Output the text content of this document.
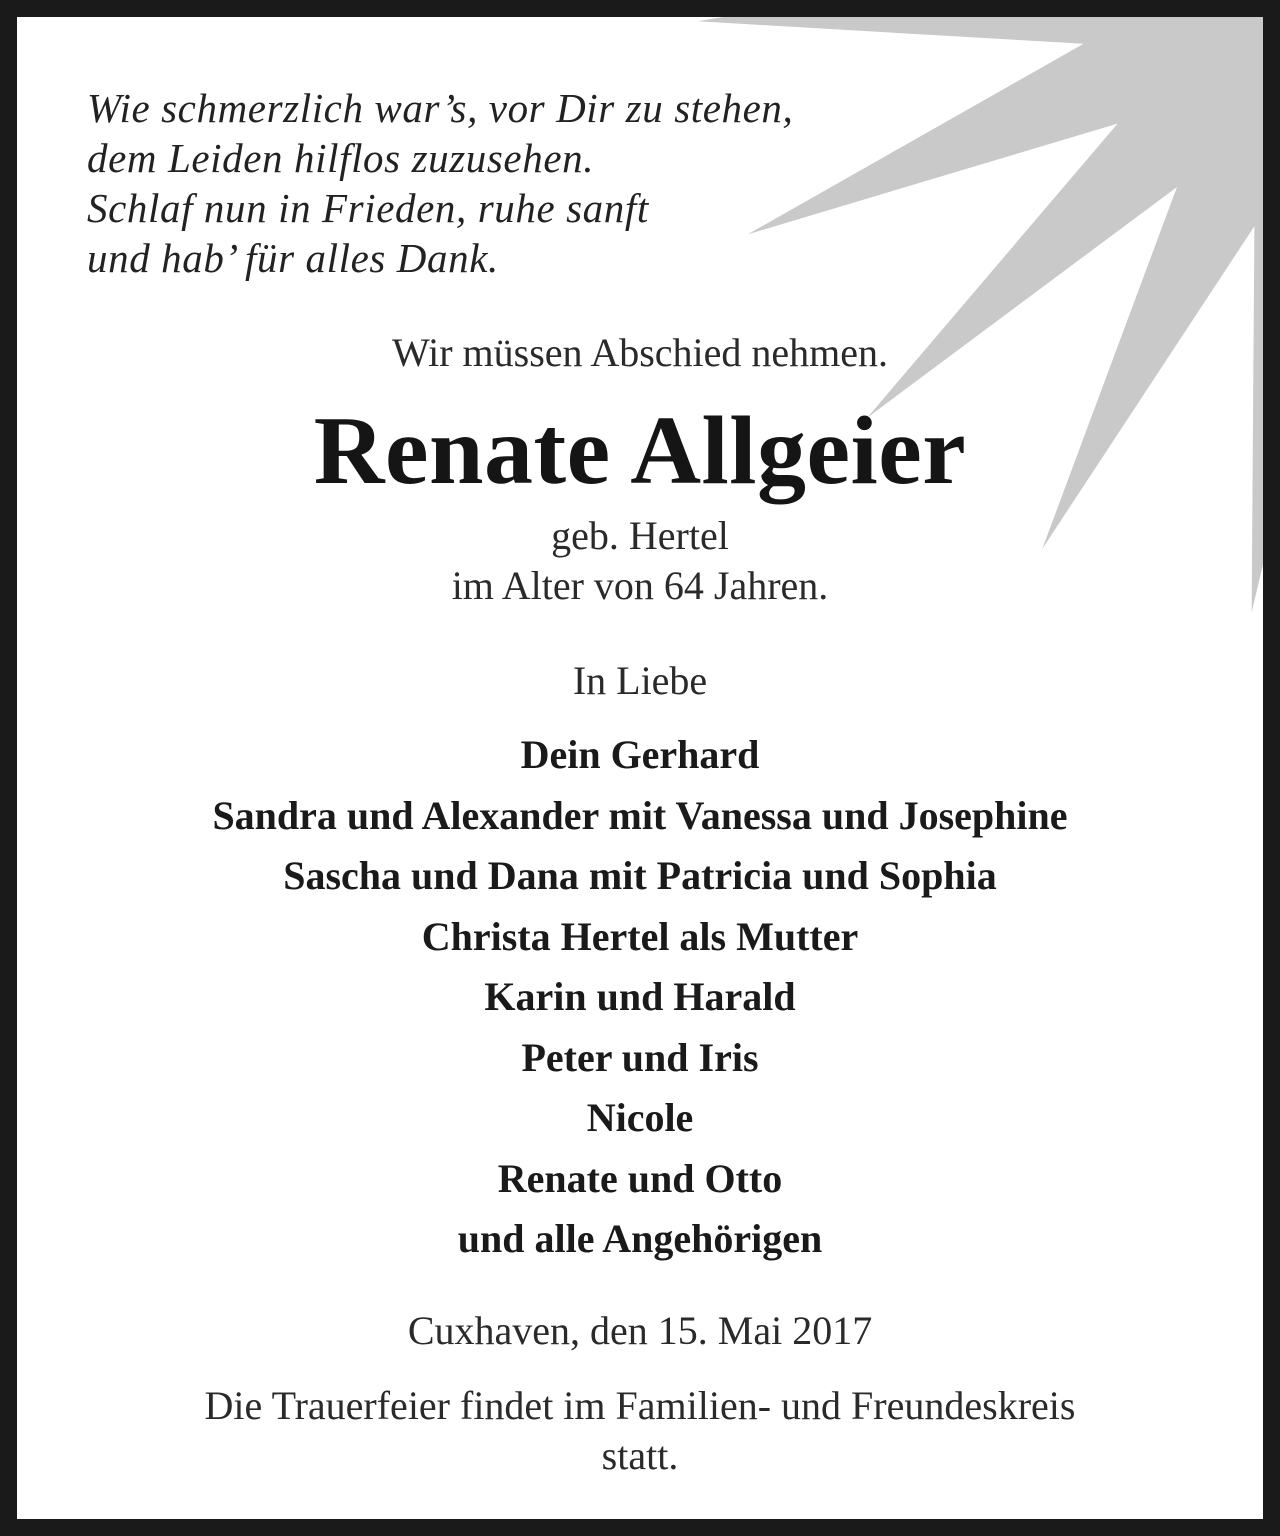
Wie schmerzlich war’s, vor Dir zu stehen,
dem Leiden hilflos zuzusehen.
Schlaf nun in Frieden, ruhe sanft
und hab’ für alles Dank.
Wir müssen Abschied nehmen.
Renate Allgeier
geb. Hertel
im Alter von 64 Jahren.
In Liebe
Dein Gerhard
Sandra und Alexander mit Vanessa und Josephine
Sascha und Dana mit Patricia und Sophia
Christa Hertel als Mutter
Karin und Harald
Peter und Iris
Nicole
Renate und Otto
und alle Angehörigen
Cuxhaven, den 15. Mai 2017
Die Trauerfeier findet im Familien- und Freundeskreis
statt.
